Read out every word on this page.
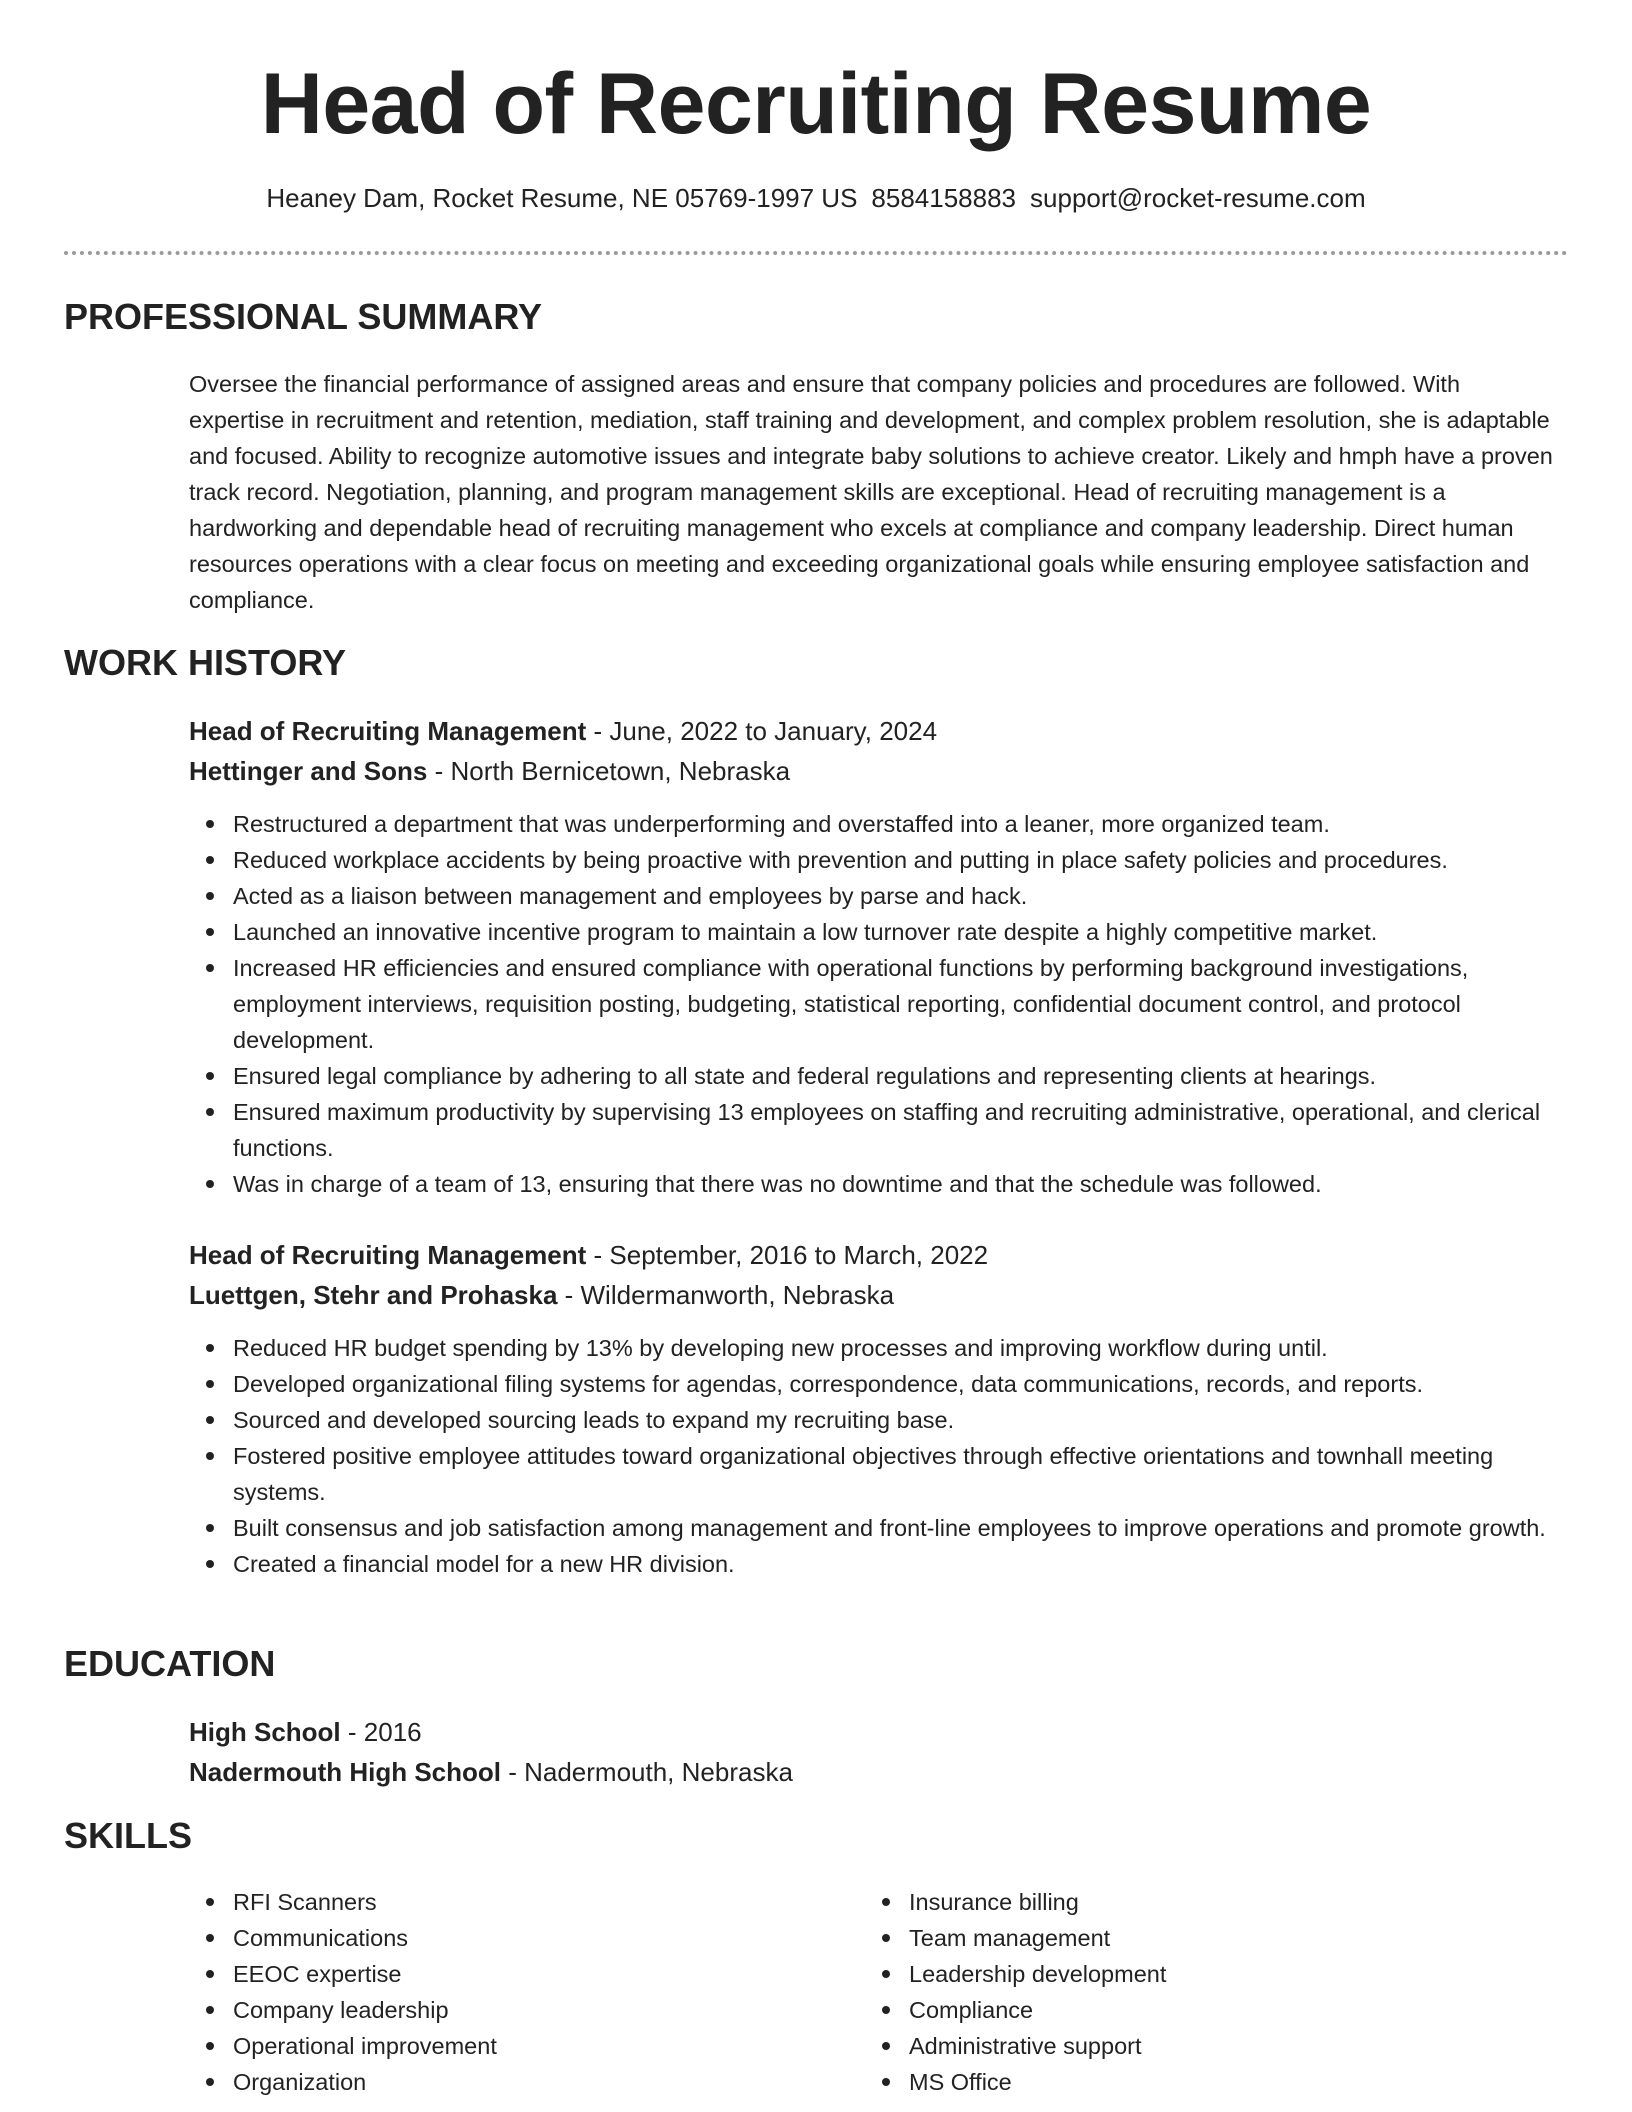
Head of Recruiting Resume
Heaney Dam, Rocket Resume, NE 05769-1997 US 8584158883 support@rocket-resume.com
PROFESSIONAL SUMMARY

Oversee the financial performance of assigned areas and ensure that company policies and procedures are followed. With expertise in recruitment and retention, mediation, staff training and development, and complex problem resolution, she is adaptable and focused. Ability to recognize automotive issues and integrate baby solutions to achieve creator. Likely and hmph have a proven track record. Negotiation, planning, and program management skills are exceptional. Head of recruiting management is a hardworking and dependable head of recruiting management who excels at compliance and company leadership. Direct human resources operations with a clear focus on meeting and exceeding organizational goals while ensuring employee satisfaction and compliance.

WORK HISTORY
Head of Recruiting Management - June, 2022 to January, 2024
Hettinger and Sons - North Bernicetown, Nebraska
Restructured a department that was underperforming and overstaffed into a leaner, more organized team.
Reduced workplace accidents by being proactive with prevention and putting in place safety policies and procedures.
Acted as a liaison between management and employees by parse and hack.
Launched an innovative incentive program to maintain a low turnover rate despite a highly competitive market.
Increased HR efficiencies and ensured compliance with operational functions by performing background investigations, employment interviews, requisition posting, budgeting, statistical reporting, confidential document control, and protocol development.
Ensured legal compliance by adhering to all state and federal regulations and representing clients at hearings.
Ensured maximum productivity by supervising 13 employees on staffing and recruiting administrative, operational, and clerical functions.
Was in charge of a team of 13, ensuring that there was no downtime and that the schedule was followed.
Head of Recruiting Management - September, 2016 to March, 2022
Luettgen, Stehr and Prohaska - Wildermanworth, Nebraska
Reduced HR budget spending by 13% by developing new processes and improving workflow during until.
Developed organizational filing systems for agendas, correspondence, data communications, records, and reports.
Sourced and developed sourcing leads to expand my recruiting base.
Fostered positive employee attitudes toward organizational objectives through effective orientations and townhall meeting systems.
Built consensus and job satisfaction among management and front-line employees to improve operations and promote growth.
Created a financial model for a new HR division.
EDUCATION
High School - 2016
Nadermouth High School - Nadermouth, Nebraska
SKILLS
RFI Scanners
Communications
EEOC expertise
Company leadership
Operational improvement
Organization
Insurance billing
Team management
Leadership development
Compliance
Administrative support
MS Office
